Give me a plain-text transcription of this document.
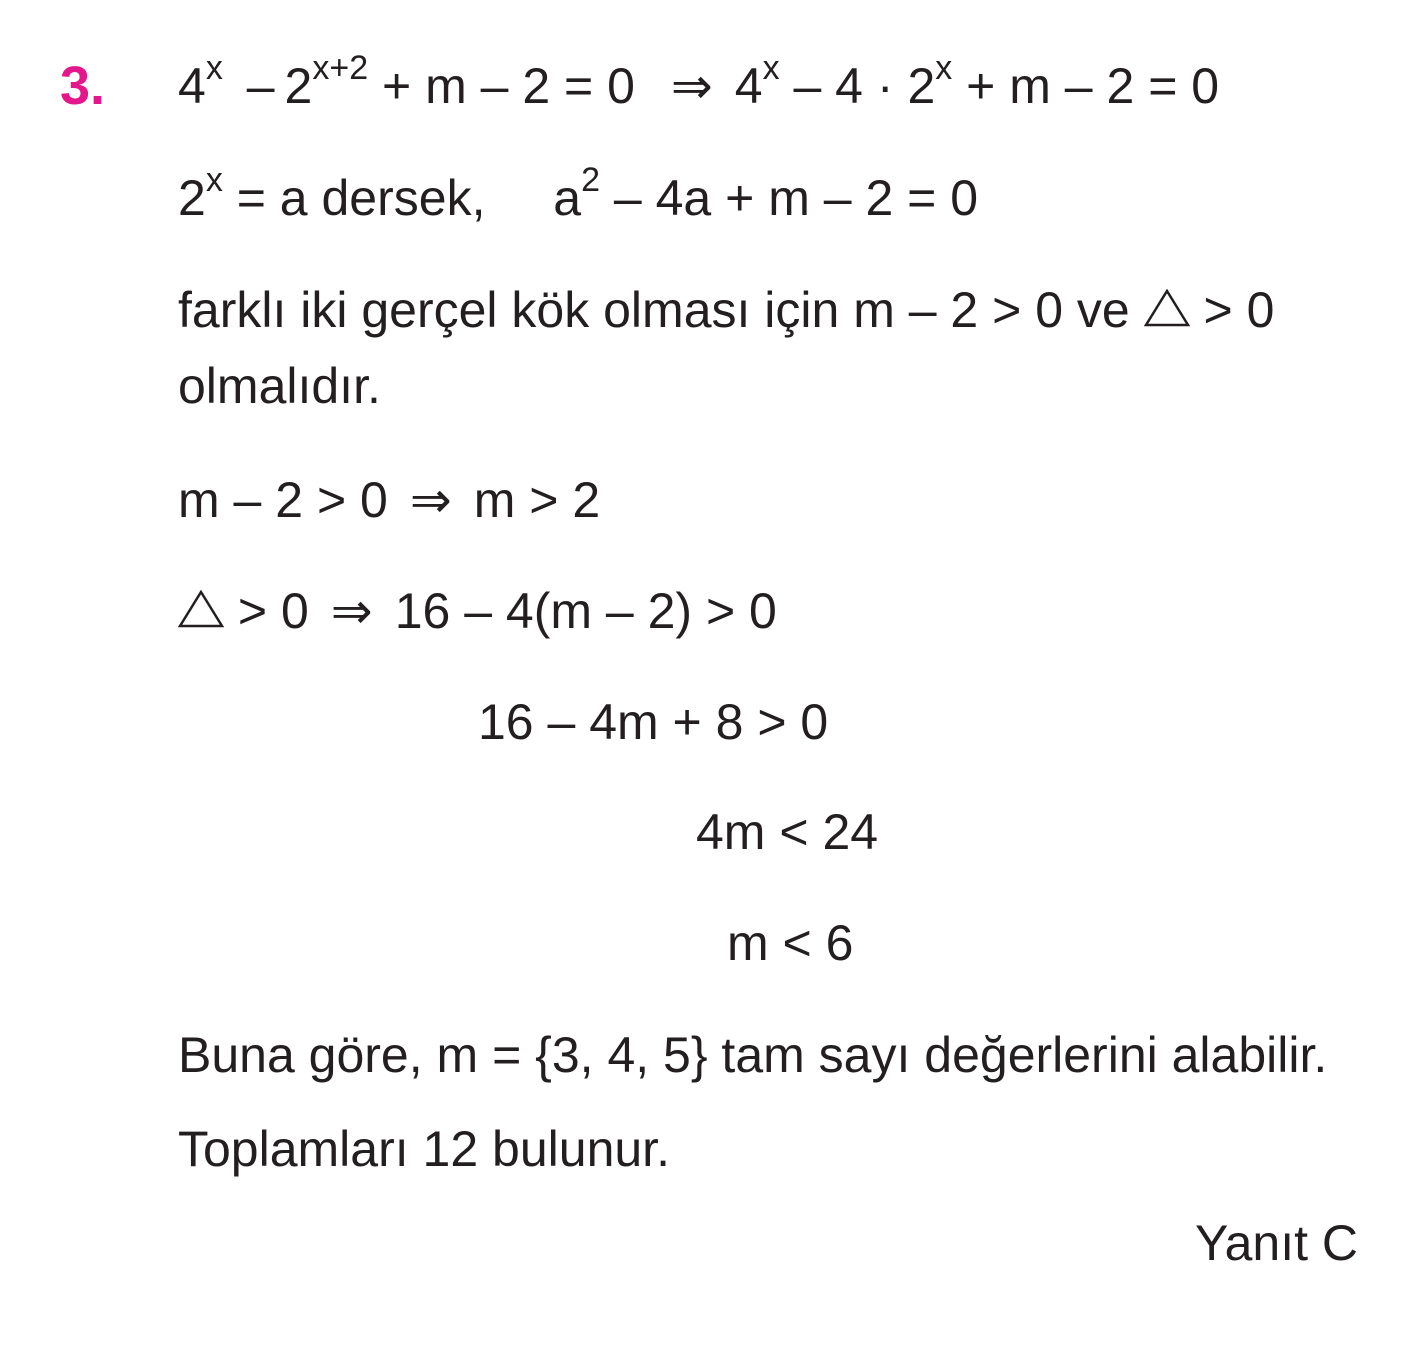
3. $4^x - 2^{x+2} + m - 2 = 0$ ⇒ $4^x - 4 \cdot 2^x + m - 2 = 0$
$2^x = a$ dersek, $a^2 - 4a + m - 2 = 0$
farklı iki gerçel kök olması için m – 2 > 0 ve
> 0
olmalıdır.
m – 2 > 0 ⇒ m > 2
> 0 ⇒ 16 – 4(m – 2) > 0
16 – 4m + 8 > 0
4m < 24
m < 6
Buna göre, m = {3, 4, 5} tam sayı değerlerini alabilir.
Toplamları 12 bulunur.
Yanıt C
